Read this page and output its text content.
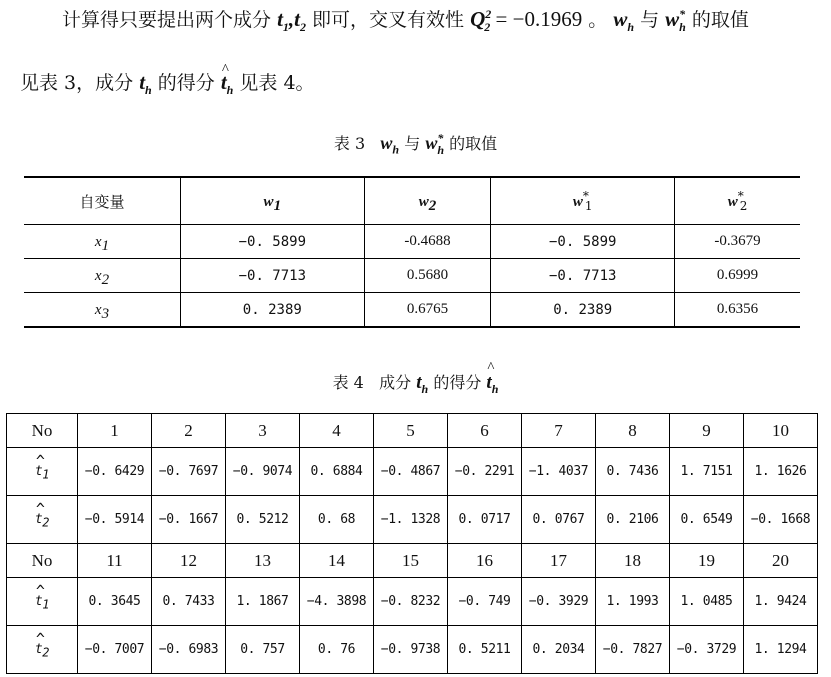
计算得只要提出两个成分 $t_1,t_2$ 即可，交叉有效性 $Q^2_2 = -0.1969$ 。 $w_h$ 与 $w^*_h$ 的取值
见表 3，成分 $t_h$ 的得分 ^ $t_h$ 见表 4。
表 3 $w_h$ 与 $w^*_h$ 的取值
自变量	$w_1$	$w_2$	$w^*_1$	$w^*_2$
$x_1$	−0. 5899	-0.4688	−0. 5899	-0.3679
$x_2$	−0. 7713	0.5680	−0. 7713	0.6999
$x_3$	0. 2389	0.6765	0. 2389	0.6356
表 4 成分 $t_h$ 的得分 ^ $t_h$
No	1	2	3	4	5	6	7	8	9	10
^ $t_1$	−0. 6429	−0. 7697	−0. 9074	0. 6884	−0. 4867	−0. 2291	−1. 4037	0. 7436	1. 7151	1. 1626
^ $t_2$	−0. 5914	−0. 1667	0. 5212	0. 68	−1. 1328	0. 0717	0. 0767	0. 2106	0. 6549	−0. 1668
No	11	12	13	14	15	16	17	18	19	20
^ $t_1$	0. 3645	0. 7433	1. 1867	−4. 3898	−0. 8232	−0. 749	−0. 3929	1. 1993	1. 0485	1. 9424
^ $t_2$	−0. 7007	−0. 6983	0. 757	0. 76	−0. 9738	0. 5211	0. 2034	−0. 7827	−0. 3729	1. 1294
